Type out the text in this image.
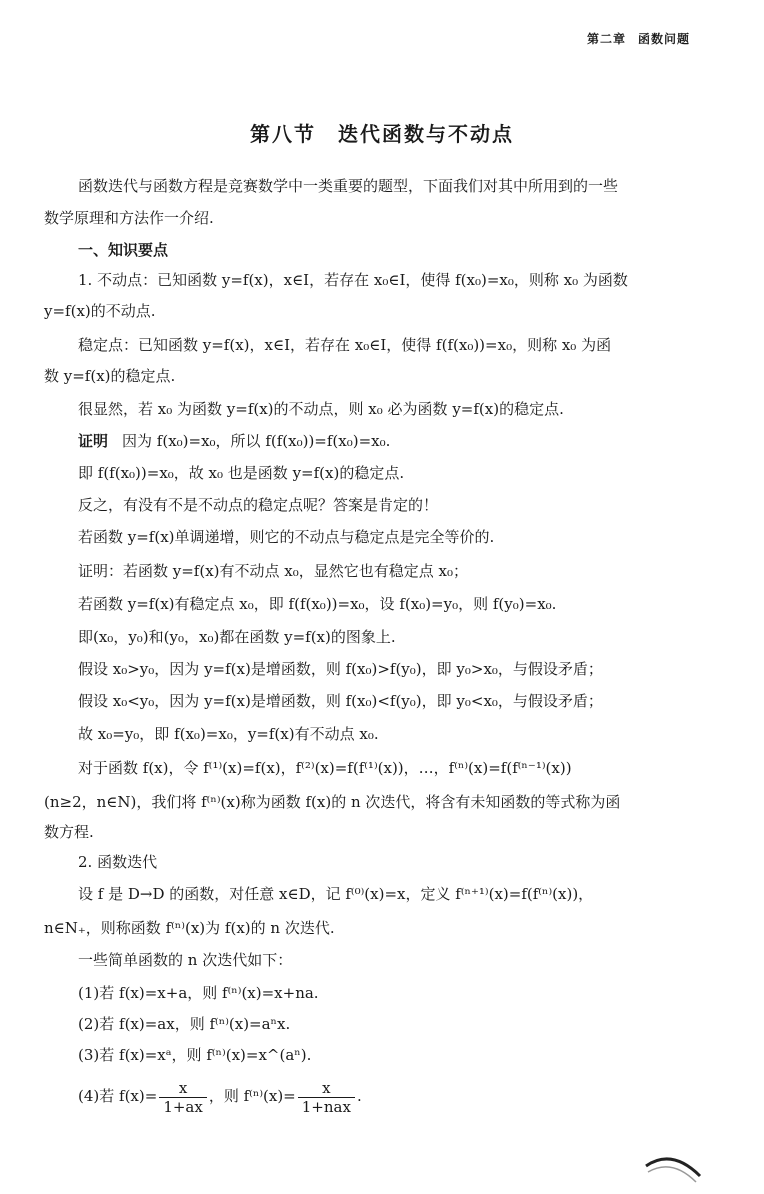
第二章 函数问题
第八节 迭代函数与不动点
函数迭代与函数方程是竞赛数学中一类重要的题型，下面我们对其中所用到的一些
数学原理和方法作一介绍.
一、知识要点
1. 不动点：已知函数 y=f(x)，x∈I，若存在 x₀∈I，使得 f(x₀)=x₀，则称 x₀ 为函数
y=f(x)的不动点.
稳定点：已知函数 y=f(x)，x∈I，若存在 x₀∈I，使得 f(f(x₀))=x₀，则称 x₀ 为函
数 y=f(x)的稳定点.
很显然，若 x₀ 为函数 y=f(x)的不动点，则 x₀ 必为函数 y=f(x)的稳定点.
证明 因为 f(x₀)=x₀，所以 f(f(x₀))=f(x₀)=x₀.
即 f(f(x₀))=x₀，故 x₀ 也是函数 y=f(x)的稳定点.
反之，有没有不是不动点的稳定点呢？答案是肯定的！
若函数 y=f(x)单调递增，则它的不动点与稳定点是完全等价的.
证明：若函数 y=f(x)有不动点 x₀，显然它也有稳定点 x₀；
若函数 y=f(x)有稳定点 x₀，即 f(f(x₀))=x₀，设 f(x₀)=y₀，则 f(y₀)=x₀.
即(x₀，y₀)和(y₀，x₀)都在函数 y=f(x)的图象上.
假设 x₀>y₀，因为 y=f(x)是增函数，则 f(x₀)>f(y₀)，即 y₀>x₀，与假设矛盾；
假设 x₀<y₀，因为 y=f(x)是增函数，则 f(x₀)<f(y₀)，即 y₀<x₀，与假设矛盾；
故 x₀=y₀，即 f(x₀)=x₀，y=f(x)有不动点 x₀.
对于函数 f(x)，令 f⁽¹⁾(x)=f(x)，f⁽²⁾(x)=f(f⁽¹⁾(x))，…，f⁽ⁿ⁾(x)=f(f⁽ⁿ⁻¹⁾(x))
(n≥2，n∈N)，我们将 f⁽ⁿ⁾(x)称为函数 f(x)的 n 次迭代，将含有未知函数的等式称为函
数方程.
2. 函数迭代
设 f 是 D→D 的函数，对任意 x∈D，记 f⁽⁰⁾(x)=x，定义 f⁽ⁿ⁺¹⁾(x)=f(f⁽ⁿ⁾(x))，
n∈N₊，则称函数 f⁽ⁿ⁾(x)为 f(x)的 n 次迭代.
一些简单函数的 n 次迭代如下：
(1)若 f(x)=x+a，则 f⁽ⁿ⁾(x)=x+na.
(2)若 f(x)=ax，则 f⁽ⁿ⁾(x)=aⁿx.
(3)若 f(x)=xᵃ，则 f⁽ⁿ⁾(x)=x^(aⁿ).
(4)若 $f(x)= \frac{x}{1+ax}$ ，则 $f^{(n)}(x)= \frac{x}{\text{1+nax}}$ .
